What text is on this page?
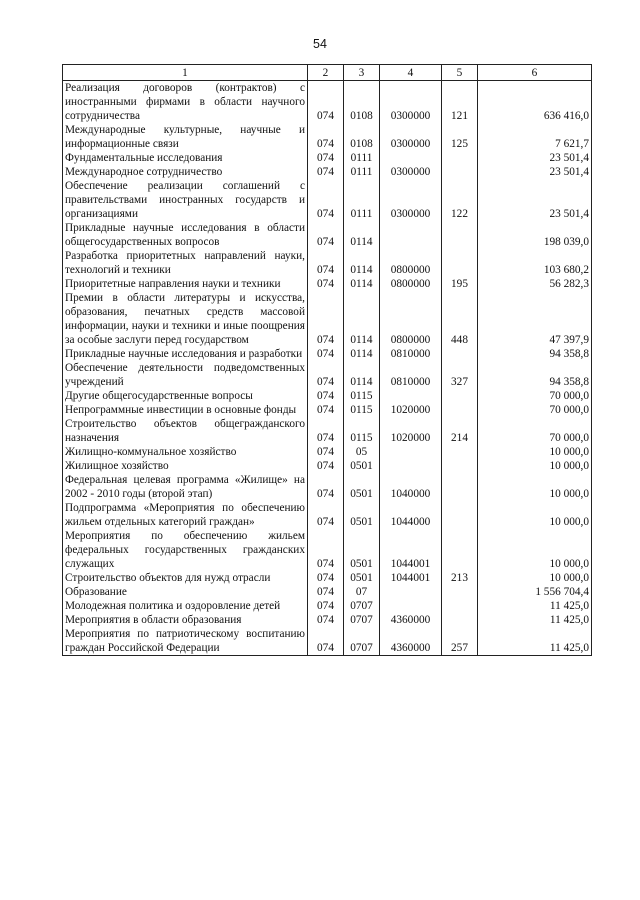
54
1	2	3	4	5	6
Реализация договоров (контрактов) с иностранными фирмами в области научного сотрудничества	074	0108	0300000	121	636 416,0
Международные культурные, научные и информационные связи	074	0108	0300000	125	7 621,7
Фундаментальные исследования	074	0111			23 501,4
Международное сотрудничество	074	0111	0300000		23 501,4
Обеспечение реализации соглашений с правительствами иностранных государств и организациями	074	0111	0300000	122	23 501,4
Прикладные научные исследования в области общегосударственных вопросов	074	0114			198 039,0
Разработка приоритетных направлений науки, технологий и техники	074	0114	0800000		103 680,2
Приоритетные направления науки и техники	074	0114	0800000	195	56 282,3
Премии в области литературы и искусства, образования, печатных средств массовой информации, науки и техники и иные поощрения за особые заслуги перед государством	074	0114	0800000	448	47 397,9
Прикладные научные исследования и разработки	074	0114	0810000		94 358,8
Обеспечение деятельности подведомственных учреждений	074	0114	0810000	327	94 358,8
Другие общегосударственные вопросы	074	0115			70 000,0
Непрограммные инвестиции в основные фонды	074	0115	1020000		70 000,0
Строительство объектов общегражданского назначения	074	0115	1020000	214	70 000,0
Жилищно-коммунальное хозяйство	074	05			10 000,0
Жилищное хозяйство	074	0501			10 000,0
Федеральная целевая программа «Жилище» на 2002 - 2010 годы (второй этап)	074	0501	1040000		10 000,0
Подпрограмма «Мероприятия по обеспечению жильем отдельных категорий граждан»	074	0501	1044000		10 000,0
Мероприятия по обеспечению жильем федеральных государственных гражданских служащих	074	0501	1044001		10 000,0
Строительство объектов для нужд отрасли	074	0501	1044001	213	10 000,0
Образование	074	07			1 556 704,4
Молодежная политика и оздоровление детей	074	0707			11 425,0
Мероприятия в области образования	074	0707	4360000		11 425,0
Мероприятия по патриотическому воспитанию граждан Российской Федерации	074	0707	4360000	257	11 425,0
